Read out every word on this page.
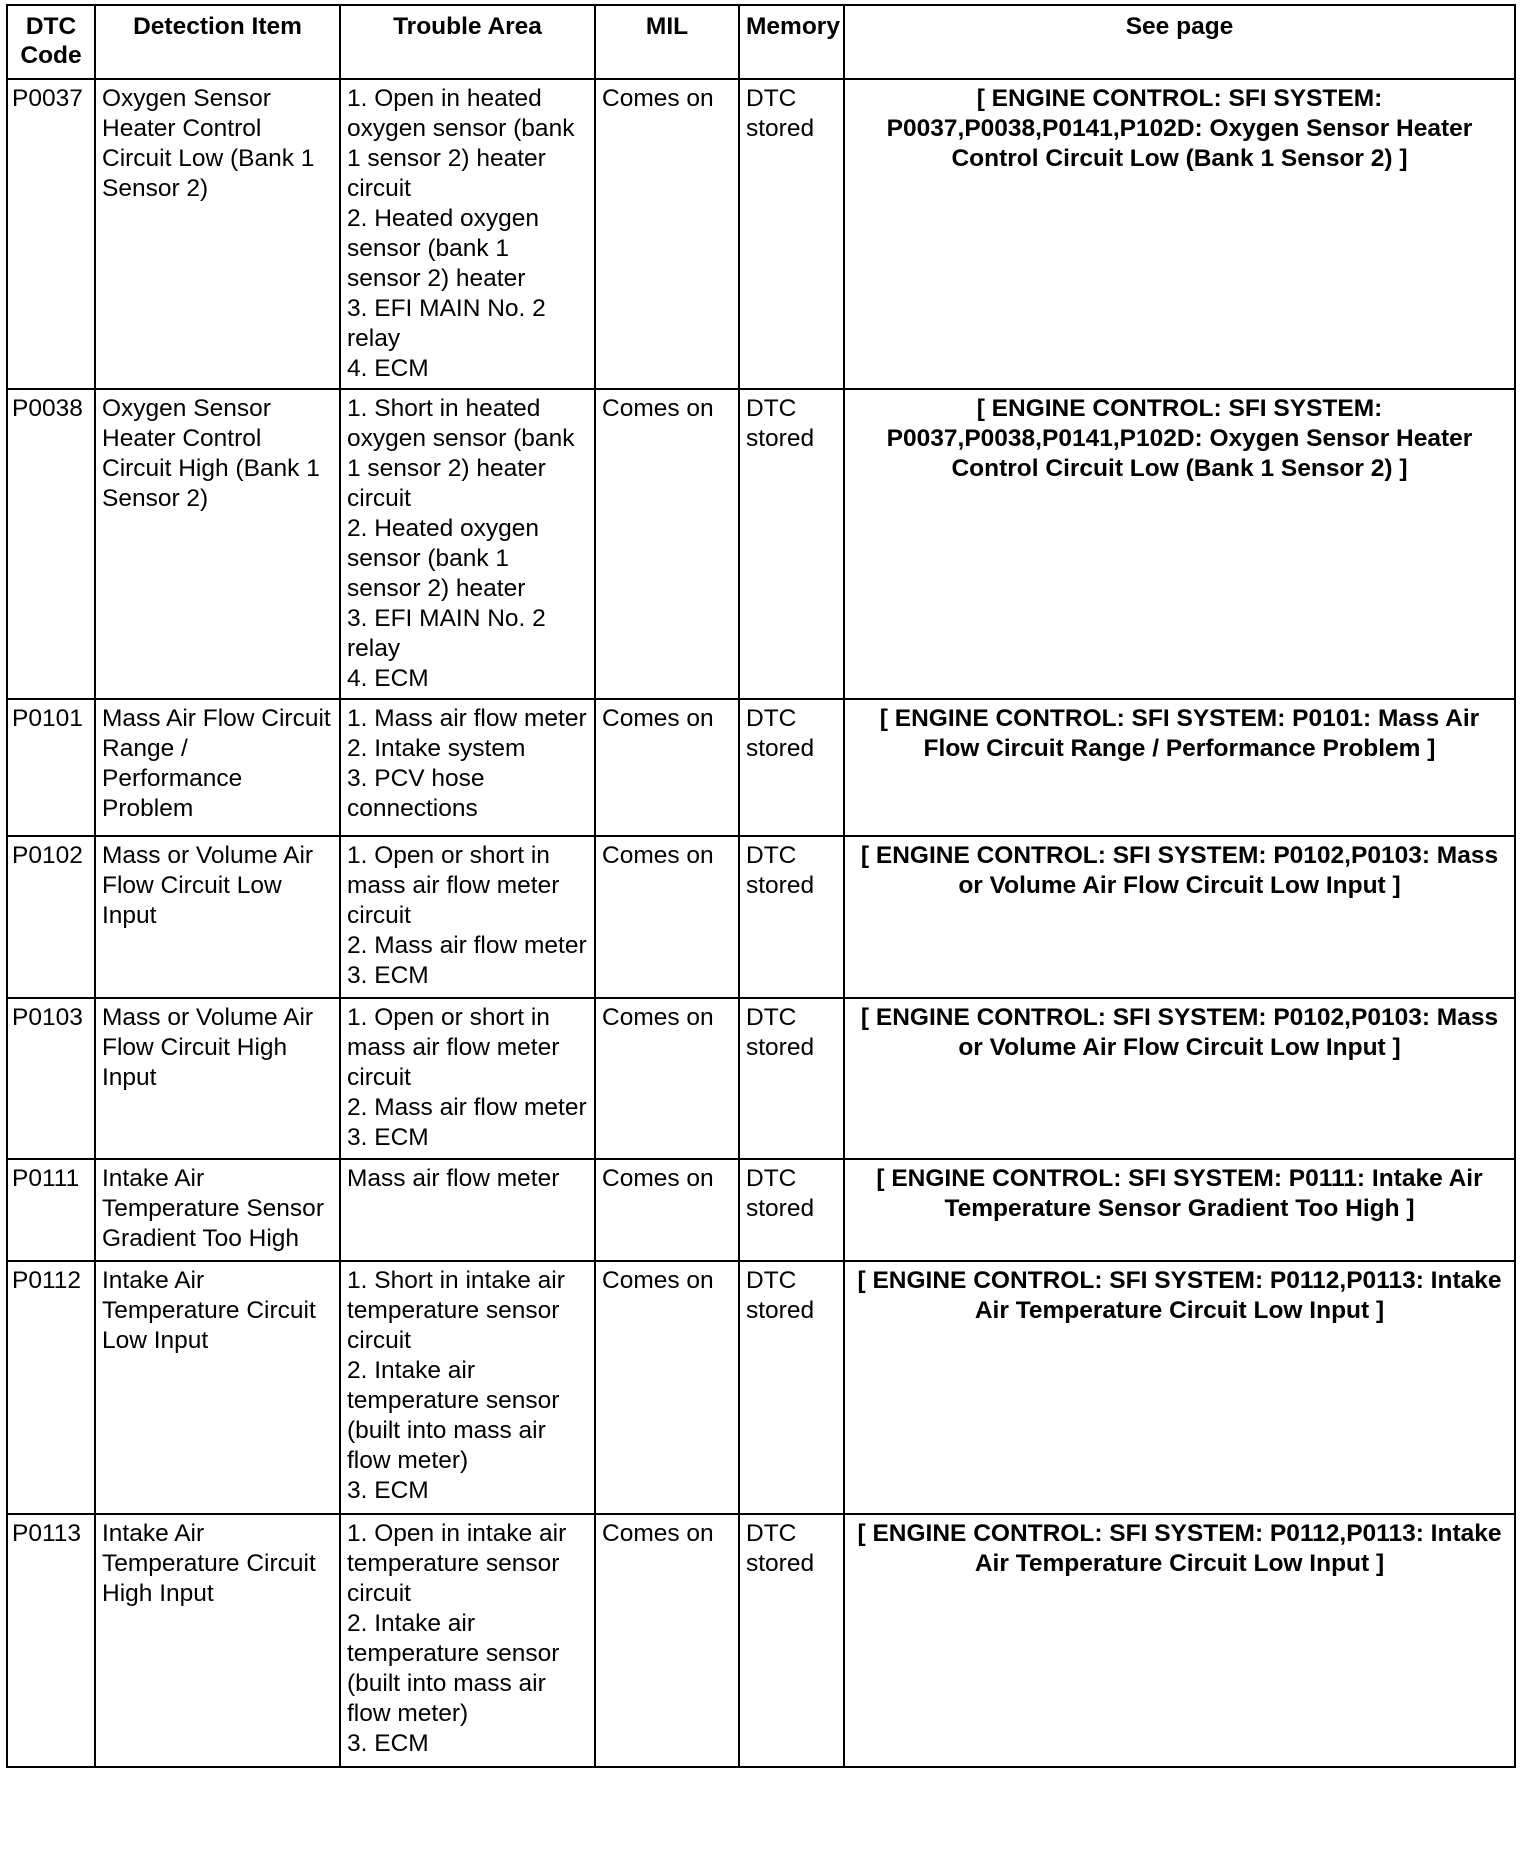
DTC Code	Detection Item	Trouble Area	MIL	Memory	See page
P0037	Oxygen Sensor Heater Control Circuit Low (Bank 1 Sensor 2)	1. Open in heated oxygen sensor (bank 1 sensor 2) heater circuit
2. Heated oxygen sensor (bank 1 sensor 2) heater
3. EFI MAIN No. 2 relay
4. ECM	Comes on	DTC stored	[ ENGINE CONTROL: SFI SYSTEM: P0037,P0038,P0141,P102D: Oxygen Sensor Heater Control Circuit Low (Bank 1 Sensor 2) ]
P0038	Oxygen Sensor Heater Control Circuit High (Bank 1 Sensor 2)	1. Short in heated oxygen sensor (bank 1 sensor 2) heater circuit
2. Heated oxygen sensor (bank 1 sensor 2) heater
3. EFI MAIN No. 2 relay
4. ECM	Comes on	DTC stored	[ ENGINE CONTROL: SFI SYSTEM: P0037,P0038,P0141,P102D: Oxygen Sensor Heater Control Circuit Low (Bank 1 Sensor 2) ]
P0101	Mass Air Flow Circuit Range / Performance Problem	1. Mass air flow meter
2. Intake system
3. PCV hose connections	Comes on	DTC stored	[ ENGINE CONTROL: SFI SYSTEM: P0101: Mass Air Flow Circuit Range / Performance Problem ]
P0102	Mass or Volume Air Flow Circuit Low Input	1. Open or short in mass air flow meter circuit
2. Mass air flow meter
3. ECM	Comes on	DTC stored	[ ENGINE CONTROL: SFI SYSTEM: P0102,P0103: Mass or Volume Air Flow Circuit Low Input ]
P0103	Mass or Volume Air Flow Circuit High Input	1. Open or short in mass air flow meter circuit
2. Mass air flow meter
3. ECM	Comes on	DTC stored	[ ENGINE CONTROL: SFI SYSTEM: P0102,P0103: Mass or Volume Air Flow Circuit Low Input ]
P0111	Intake Air Temperature Sensor Gradient Too High	Mass air flow meter	Comes on	DTC stored	[ ENGINE CONTROL: SFI SYSTEM: P0111: Intake Air Temperature Sensor Gradient Too High ]
P0112	Intake Air Temperature Circuit Low Input	1. Short in intake air temperature sensor circuit
2. Intake air temperature sensor (built into mass air flow meter)
3. ECM	Comes on	DTC stored	[ ENGINE CONTROL: SFI SYSTEM: P0112,P0113: Intake Air Temperature Circuit Low Input ]
P0113	Intake Air Temperature Circuit High Input	1. Open in intake air temperature sensor circuit
2. Intake air temperature sensor (built into mass air flow meter)
3. ECM	Comes on	DTC stored	[ ENGINE CONTROL: SFI SYSTEM: P0112,P0113: Intake Air Temperature Circuit Low Input ]
